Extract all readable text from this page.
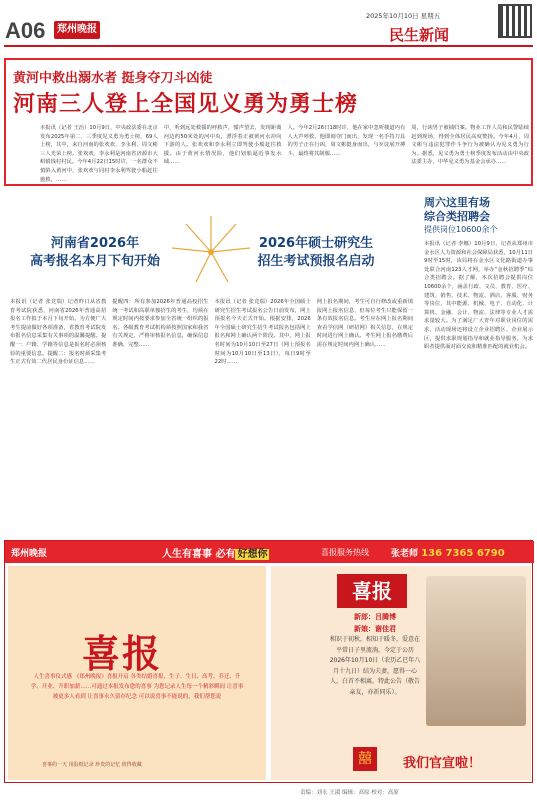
A06	郑州晚报
2025年10月10日 星期五
民生新闻
黄河中救出溺水者 挺身夺刀斗凶徒
河南三人登上全国见义勇为勇士榜
本报讯（记者 王治）10月9日，中央政法委在北京发布2025年第二、三季度见义勇为勇士榜，69人上榜，其中，来自河南的张欢欢、李永利、周文彬三人光荣上榜。张欢欢，李永利是河南省济源市大峪镇钱村村民。今年4月22日15时许，一名群众不慎陷入黄河中，张欢欢与同村李永利驾驶小船赶往施救，……
中，听到远处救援的呼救声，循声望去，发现距离河边约50米处的河中央，漂浮着正被黄河水冲向下游的人。张欢欢和李永利立即驾驶小船赶往救援。由于黄河水情况险，他们划船逼近事发水域……
人。今年2月26日18时许，他在家中忽听楼道内有人大声呼救，他即刻夺门而出，发现一名手持刀具的男子正在行凶，周文彬挺身而出，与歹徒展开搏斗，最终将其制服……
周，行凶男子被捕归案。物业工作人员和民警陆续赶到现场，得到全体居民高度赞扬。今年4月，周文彬与违法犯罪作斗争行为被确认为见义勇为行为。据悉，见义勇为勇士榜季度发布活动由中央政法委主办，中华见义勇为基金会承办……
河南省2026年
高考报名本月下旬开始
2026年硕士研究生
招生考试预报名启动
本报讯（记者 张竞瑞）记者昨日从省教育考试院获悉，河南省2026年普通高招报名工作拟于本月下旬开始。为方便广大考生提前做好各项准备，省教育考试院发布报名信息采集有关事项的温馨提醒。提醒一：户籍、学籍等信息是报名时必须核验的重要信息。提醒二：报名时须采集考生正式有效二代居民身份证信息……
提醒四：所有参加2026年普通高校招生统一考试和高职单独招生的考生，均须在规定时间内按要求参加全省统一组织的报名。各级教育考试机构须按照国家和我省有关规定，严格审核报名信息，确保信息准确、完整……
本报讯（记者 张竞瑞）2026年全国硕士研究生招生考试报名公告日前发布，网上预报名今天正式开始。根据安排，2026年全国硕士研究生招生考试报名包括网上报名和网上确认两个阶段。其中，网上报名时间为10月10日至27日（网上预报名时间为10月10日至13日），每日9时至22时……
网上报名期间，考生可自行修改或重新填报网上报名信息，但每位考生只能保留一条有效报名信息。考生应在网上报名期间查看学信网（研招网）相关信息，在规定时间进行网上确认。考生网上报名缴费后需在规定时间内网上确认……
周六这里有场
综合类招聘会
提供岗位10600余个
本报讯（记者 李娜）10月9日，记者从郑州市金水区人力资源和社会保障局获悉，10月11日9时至15时，该局将在金水区文化路街道办事处联合河南123人才网，举办“金秋招聘季”综合类招聘会。据了解，本次招聘会提供岗位10600余个，涵盖行政、文员、教育、医疗、建筑、销售、技术、物流、酒店、客服、财务等岗位，其中能源、机械、电子、自动化、计算机、金融、会计、物流、法律等专业人才需求量较大。为了满足广大青年对职业岗位的需求，活动现场还将设立企业招聘区、企业展示区，提供求职规划指导和就业指导服务，为求职者提供面对面交流和精准匹配的就业机会。
郑州晚报	人生有喜事 必有 好想你	喜报服务热线 张老师 136 7365 6790
喜报
人生喜事仪式感 《郑州晚报》喜报开启 各类结婚喜报、生子、生日、高考、乔迁、升学、开业、升职加薪……可通过本报发布您的喜事 为您记录人生每一个精彩瞬间 让喜事被更多人看到 让喜事永久留存纪念 可以说喜事不能说的，我们帮您说
喜事的一天 用报纸记录 珍贵的记忆 值得收藏
喜报
新郎：吕腾博
新娘：谢佳君
相识于初秋，相知于暖冬，爱意在平常日子里流淌。今定于公历2026年10月10日（农历乙巳年八月十九日）结为夫妻，愿得一心人，白首不相离。特此公告（敬告亲友，亦祈同乐）。
囍	我们官宣啦！
责编：刘永 王淑 编辑：高原 校对：高原
